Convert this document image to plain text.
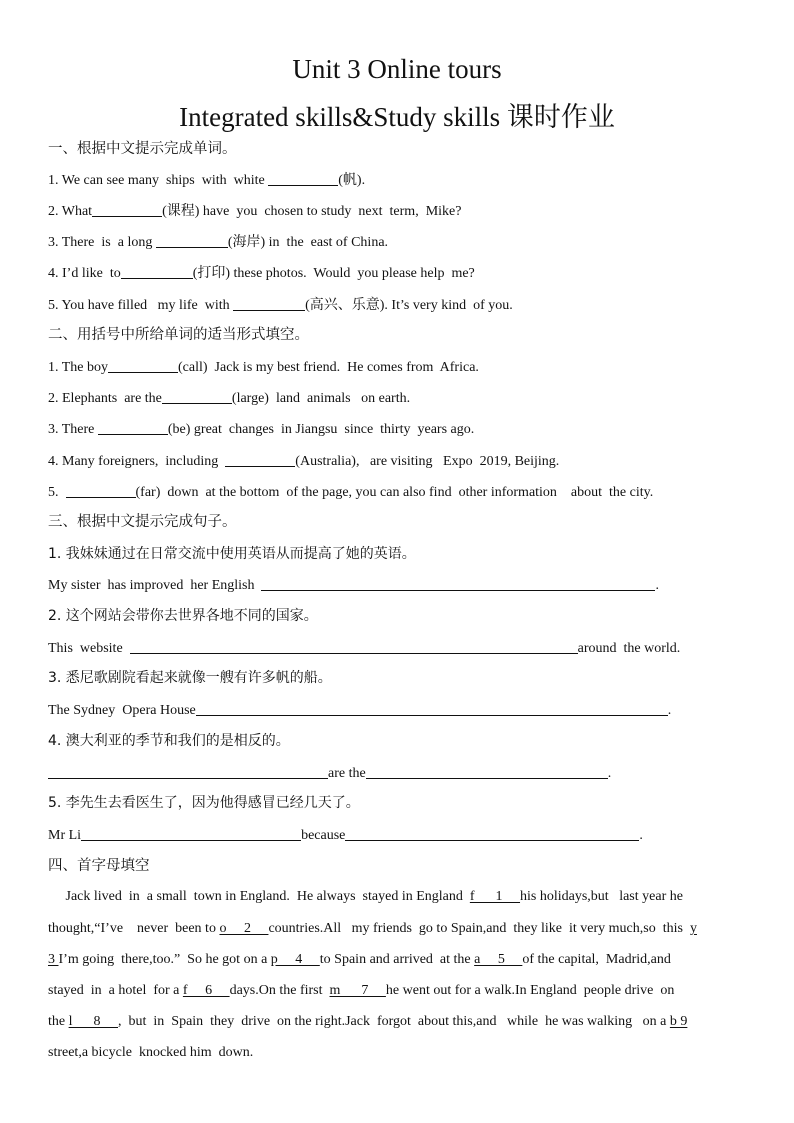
Unit 3 Online tours
Integrated skills&Study skills 课时作业
一、根据中文提示完成单词。
1. We can see many  ships  with  white	(帆).
2. What	(课程) have  you  chosen to study  next  term,  Mike?
3. There  is  a long	(海岸) in  the  east of China.
4. I’d like  to	(打印) these photos.  Would  you please help  me?
5. You have filled   my life  with	(高兴、乐意). It’s very kind  of you.
二、用括号中所给单词的适当形式填空。
1. The boy	(call)  Jack is my best friend.  He comes from  Africa.
2. Elephants  are the	(large)  land  animals   on earth.
3. There	(be) great  changes  in Jiangsu  since  thirty  years ago.
4. Many foreigners,  including	(Australia),   are visiting   Expo  2019, Beijing.
5.	(far)  down  at the bottom  of the page, you can also find  other information    about  the city.
三、根据中文提示完成句子。
1. 我妹妹通过在日常交流中使用英语从而提高了她的英语。
My sister  has improved  her English	.
2. 这个网站会带你去世界各地不同的国家。
This  website	around  the world.
3. 悉尼歌剧院看起来就像一艘有许多帆的船。
The Sydney  Opera House	.
4. 澳大利亚的季节和我们的是相反的。
are the	.
5. 李先生去看医生了，因为他得感冒已经几天了。
Mr Li	because	.
四、首字母填空
Jack lived  in  a small  town in England.  He always  stayed in England  f      1     his holidays,but   last year he
thought,“I’ve    never  been to o     2     countries.All   my friends  go to Spain,and  they like  it very much,so  this  y
3 I’m going  there,too.”  So he got on a p     4     to Spain and arrived  at the a     5     of the capital,  Madrid,and
stayed  in  a hotel  for a f     6     days.On the first  m      7     he went out for a walk.In England  people drive  on
the l      8     ,  but  in  Spain  they  drive  on the right.Jack  forgot  about this,and   while  he was walking   on a b 9
street,a bicycle  knocked him  down.
